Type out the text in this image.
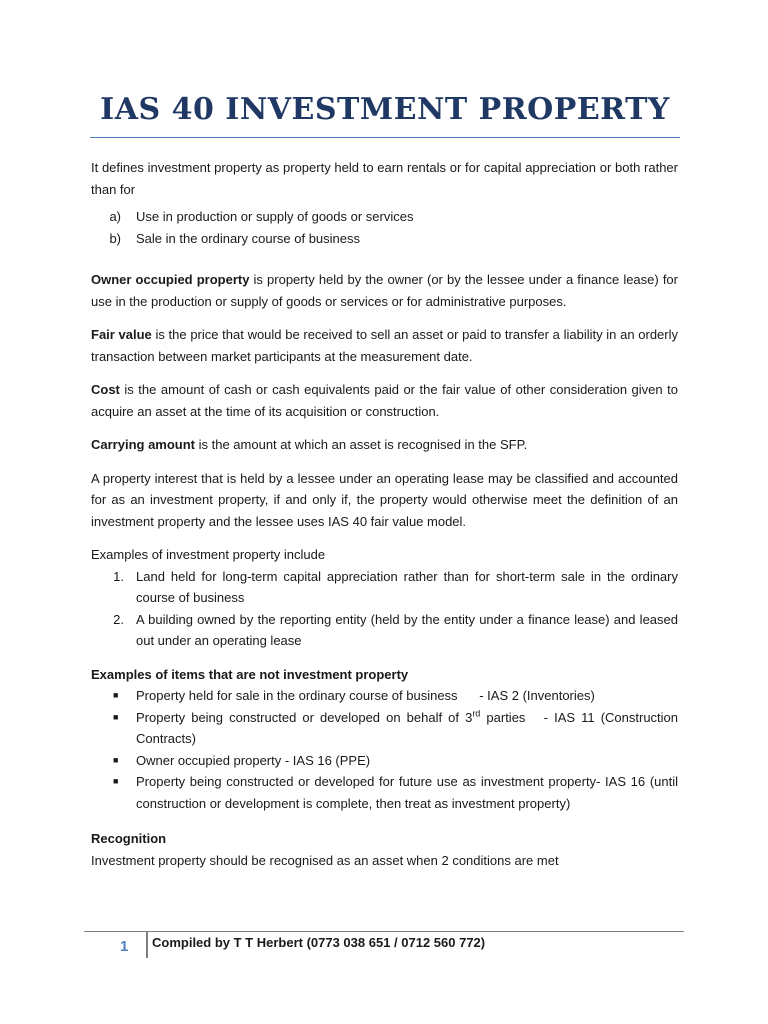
IAS 40 INVESTMENT PROPERTY

It defines investment property as property held to earn rentals or for capital appreciation or both rather than for

a) Use in production or supply of goods or services
b) Sale in the ordinary course of business

Owner occupied property is property held by the owner (or by the lessee under a finance lease) for use in the production or supply of goods or services or for administrative purposes.

Fair value is the price that would be received to sell an asset or paid to transfer a liability in an orderly transaction between market participants at the measurement date.

Cost is the amount of cash or cash equivalents paid or the fair value of other consideration given to acquire an asset at the time of its acquisition or construction.

Carrying amount is the amount at which an asset is recognised in the SFP.

A property interest that is held by a lessee under an operating lease may be classified and accounted for as an investment property, if and only if, the property would otherwise meet the definition of an investment property and the lessee uses IAS 40 fair value model.

Examples of investment property include

1. Land held for long-term capital appreciation rather than for short-term sale in the ordinary course of business
2. A building owned by the reporting entity (held by the entity under a finance lease) and leased out under an operating lease

Examples of items that are not investment property

■ Property held for sale in the ordinary course of business      - IAS 2 (Inventories)
■ Property being constructed or developed on behalf of 3rd parties   - IAS 11 (Construction Contracts)
■ Owner occupied property - IAS 16 (PPE)
■ Property being constructed or developed for future use as investment property- IAS 16 (until construction or development is complete, then treat as investment property)

Recognition

Investment property should be recognised as an asset when 2 conditions are met

1 Compiled by T T Herbert (0773 038 651 / 0712 560 772)
